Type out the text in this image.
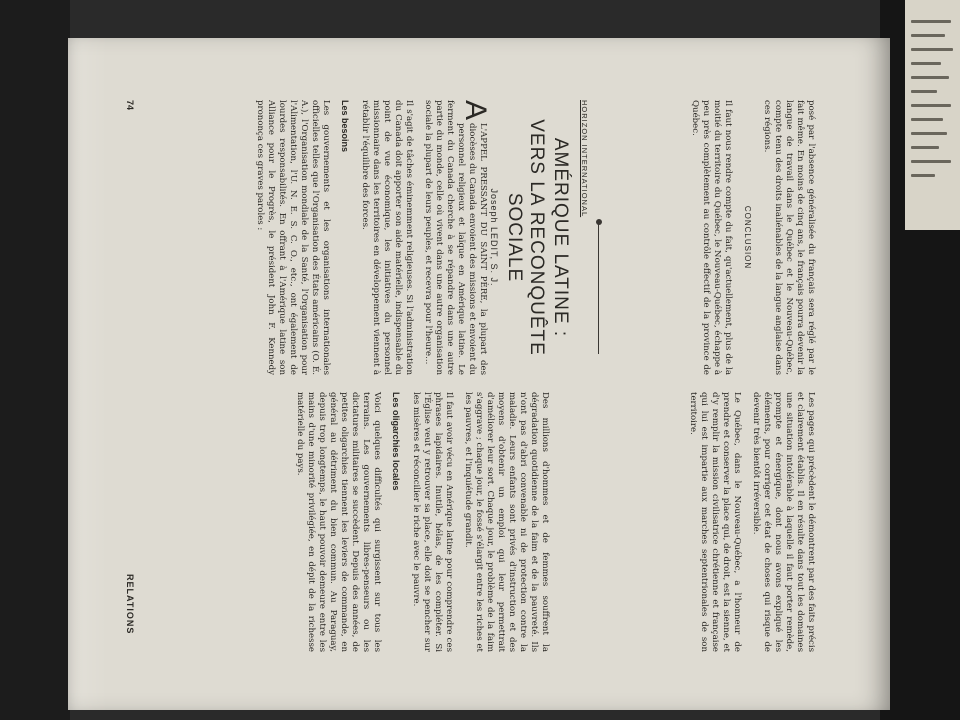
posé par l'absence généralisée du français sera réglé par le fait même. En moins de cinq ans, le français pourra devenir la langue de travail dans le Québec et le Nouveau-Québec, compte tenu des droits inaliénables de la langue anglaise dans ces régions.

CONCLUSION

Il faut nous rendre compte du fait, qu'actuellement, plus de la moitié du territoire du Québec, le Nouveau-Québec, échappe à peu près complètement au contrôle effectif de la province de Québec.

Les pages qui précèdent le démontrent par des faits précis et clairement établis. Il en résulte dans tout les domaines une situation intolérable à laquelle il faut porter remède, prompte et énergique, dont nous avons expliqué les éléments, pour corriger cet état de choses qui risque de devenir très bientôt irréversible.

Le Québec, dans le Nouveau-Québec, a l'honneur de prendre et conserver la place qui, de droit, est la sienne, et d'y remplir la mission civilisatrice chrétienne et française qui lui est impartie aux marches septentrionales de son territoire.

HORIZON INTERNATIONAL
AMÉRIQUE LATINE :
VERS LA RECONQUÊTE SOCIALE
Joseph LEDIT, S. J.

A
L'APPEL PRESSANT DU SAINT PÈRE, la plupart des diocèses du Canada envoient des missions et envoient du personnel religieux et laïque en Amérique latine. Le ferment du Canada cherche à se répandre dans une autre partie du monde, celle où vivent dans une autre organisation sociale la plupart de leurs peuples, et recevra pour l'heure...

Il s'agit de tâches éminemment religieuses. Si l'administration du Canada doit apporter son aide matérielle, indispensable du point de vue économique, les initiatives du personnel missionnaire dans les territoires en développement viennent à rétablir l'équilibre des forces.

Les besoins

Les gouvernements et les organisations internationales officielles telles que l'Organisation des États américains (O. É. A.), l'Organisation mondiale de la Santé, l'Organisation pour l'Alimentation, l'U. N. E. S. C. O., etc., ont également de lourdes responsabilités. En offrant à l'Amérique latine son Alliance pour le Progrès, le président John F. Kennedy prononça ces graves paroles :

Des millions d'hommes et de femmes souffrent la dégradation quotidienne de la faim et de la pauvreté. Ils n'ont pas d'abri convenable ni de protection contre la maladie. Leurs enfants sont privés d'instruction et des moyens d'obtenir un emploi qui leur permettrait d'améliorer leur sort. Chaque jour, le problème de la faim s'aggrave ; chaque jour, le fossé s'élargit entre les riches et les pauvres, et l'inquiétude grandit.

Il faut avoir vécu en Amérique latine pour comprendre ces phrases lapidaires. Inutile, hélas, de les compléter. Si l'Église veut y retrouver sa place, elle doit se pencher sur les misères et réconcilier le riche avec le pauvre.

Les oligarchies locales

Voici quelques difficultés qui surgissent sur tous les terrains. Les gouvernements libres-penseurs ou les dictatures militaires se succèdent. Depuis des années, de petites oligarchies tiennent les leviers de commande, en général au détriment du bien commun. Au Paraguay, depuis trop longtemps, le haut pouvoir demeure entre les mains d'une minorité privilégiée, en dépit de la richesse matérielle du pays.

74
RELATIONS
